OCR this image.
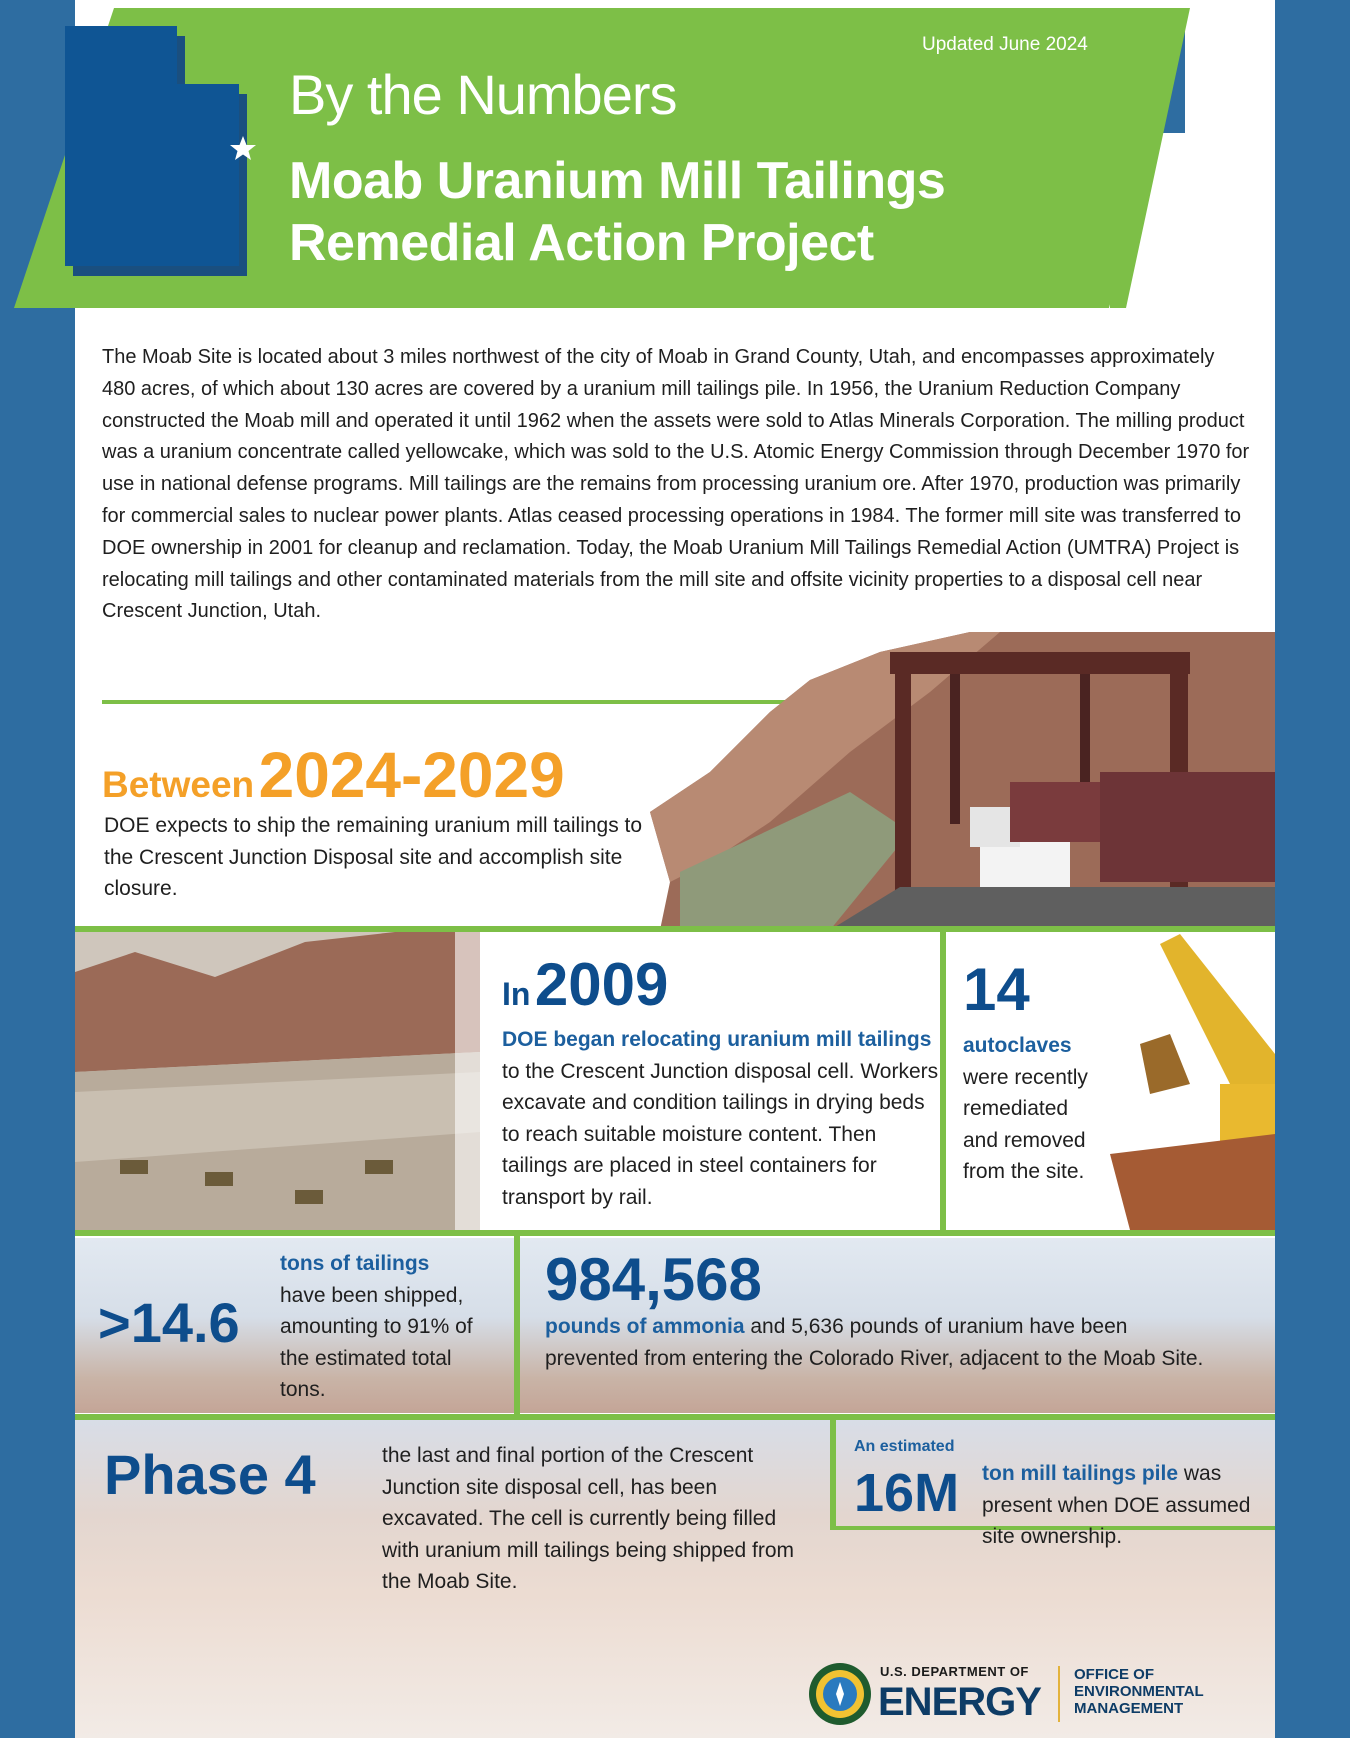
Updated June 2024
By the Numbers
Moab Uranium Mill Tailings
Remedial Action Project
The Moab Site is located about 3 miles northwest of the city of Moab in Grand County, Utah, and encompasses approximately 480 acres, of which about 130 acres are covered by a uranium mill tailings pile. In 1956, the Uranium Reduction Company constructed the Moab mill and operated it until 1962 when the assets were sold to Atlas Minerals Corporation. The milling product was a uranium concentrate called yellowcake, which was sold to the U.S. Atomic Energy Commission through December 1970 for use in national defense programs. Mill tailings are the remains from processing uranium ore. After 1970, production was primarily for commercial sales to nuclear power plants. Atlas ceased processing operations in 1984. The former mill site was transferred to DOE ownership in 2001 for cleanup and reclamation. Today, the Moab Uranium Mill Tailings Remedial Action (UMTRA) Project is relocating mill tailings and other contaminated materials from the mill site and offsite vicinity properties to a disposal cell near Crescent Junction, Utah.
Between 2024-2029
DOE expects to ship the remaining uranium mill tailings to the Crescent Junction Disposal site and accomplish site closure.
In 2009
DOE began relocating uranium mill tailings to the Crescent Junction disposal cell. Workers excavate and condition tailings in drying beds to reach suitable moisture content. Then tailings are placed in steel containers for transport by rail.
14
autoclaves
were recently remediated and removed from the site.
>14.6
tons of tailings
have been shipped, amounting to 91% of the estimated total tons.
984,568
pounds of ammonia and 5,636 pounds of uranium have been prevented from entering the Colorado River, adjacent to the Moab Site.
Phase 4	the last and final portion of the Crescent Junction site disposal cell, has been excavated. The cell is currently being filled with uranium mill tailings being shipped from the Moab Site.
An estimated
16M ton mill tailings pile was present when DOE assumed site ownership.
U.S. DEPARTMENT OF
ENERGY
OFFICE OF
ENVIRONMENTAL
MANAGEMENT
